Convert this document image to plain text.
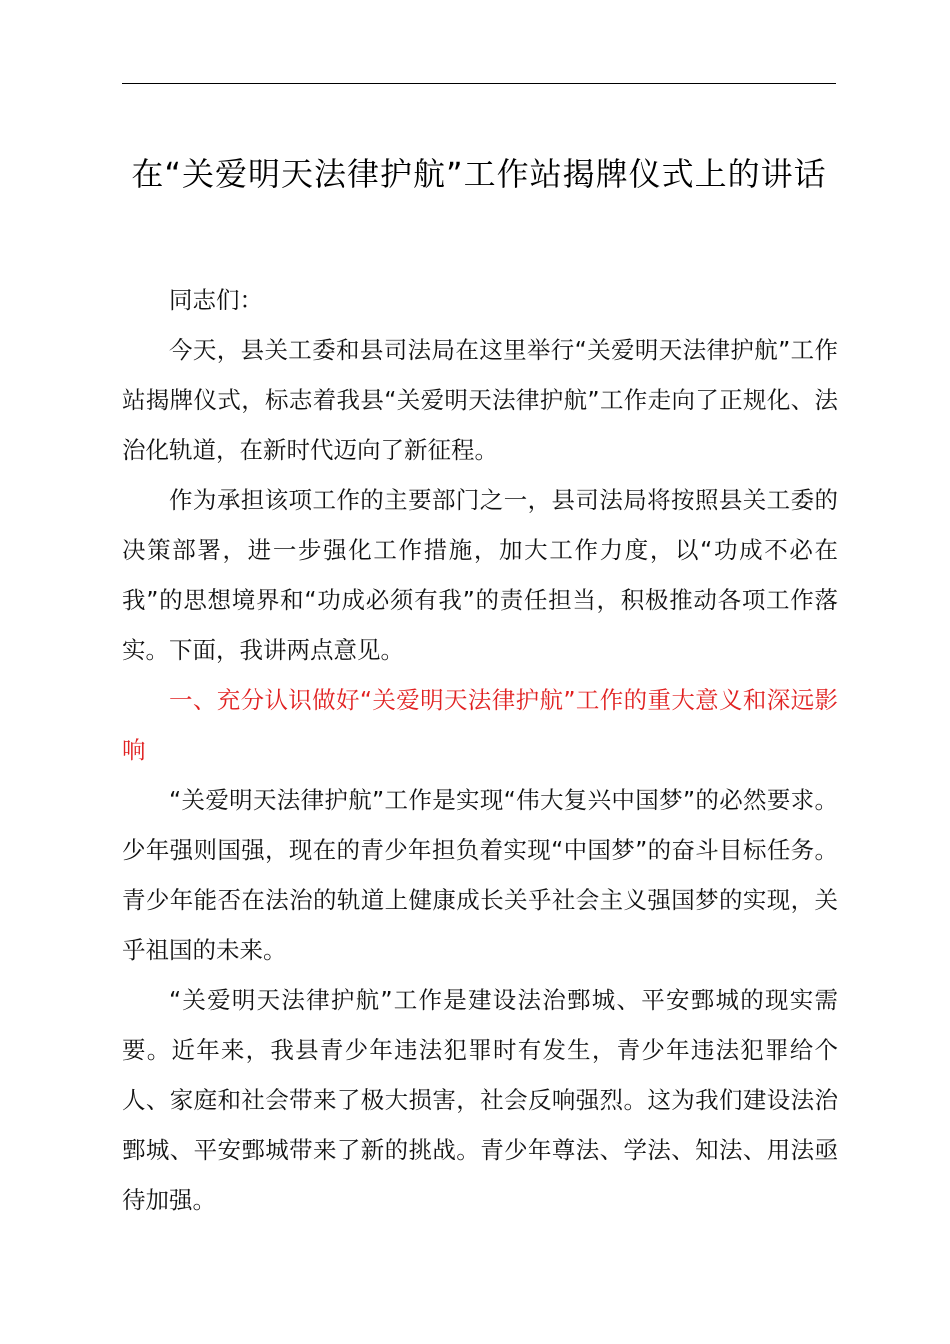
在“关爱明天法律护航”工作站揭牌仪式上的讲话

同志们：

今天，县关工委和县司法局在这里举行“关爱明天法律护航”工作站揭牌仪式，标志着我县“关爱明天法律护航”工作走向了正规化、法治化轨道，在新时代迈向了新征程。

作为承担该项工作的主要部门之一，县司法局将按照县关工委的决策部署，进一步强化工作措施，加大工作力度，以“功成不必在我”的思想境界和“功成必须有我”的责任担当，积极推动各项工作落实。下面，我讲两点意见。

一、充分认识做好“关爱明天法律护航”工作的重大意义和深远影响

“关爱明天法律护航”工作是实现“伟大复兴中国梦”的必然要求。少年强则国强，现在的青少年担负着实现“中国梦”的奋斗目标任务。青少年能否在法治的轨道上健康成长关乎社会主义强国梦的实现，关乎祖国的未来。

“关爱明天法律护航”工作是建设法治鄄城、平安鄄城的现实需要。近年来，我县青少年违法犯罪时有发生，青少年违法犯罪给个人、家庭和社会带来了极大损害，社会反响强烈。这为我们建设法治鄄城、平安鄄城带来了新的挑战。青少年尊法、学法、知法、用法亟待加强。
